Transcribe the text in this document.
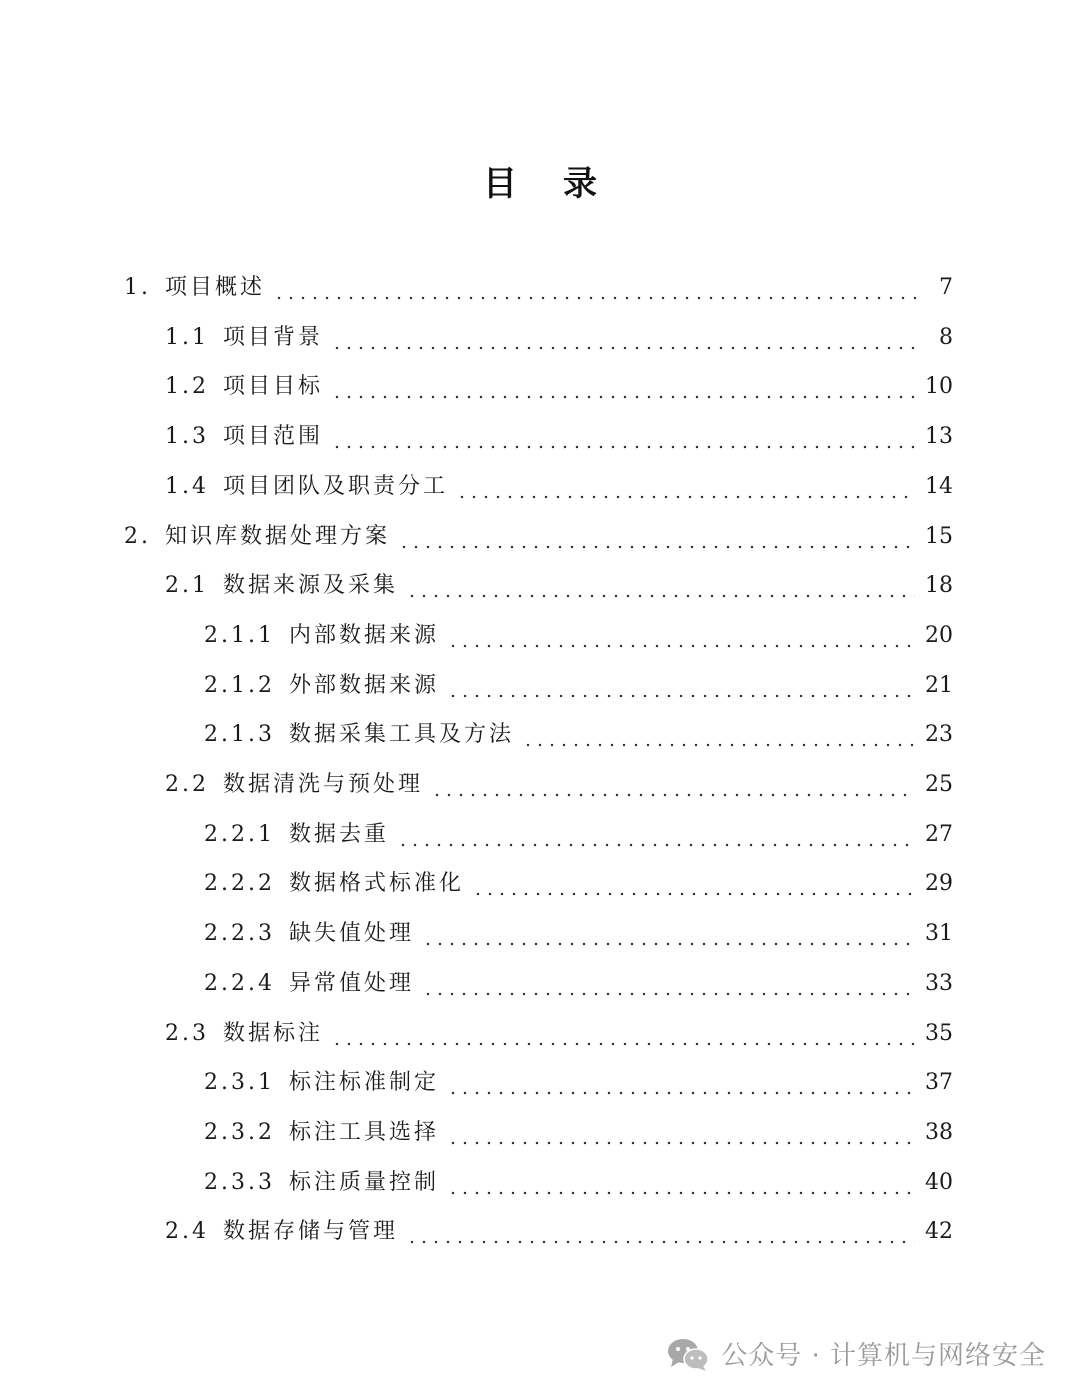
目录
1. 项目概述	7
1.1 项目背景	8
1.2 项目目标	10
1.3 项目范围	13
1.4 项目团队及职责分工	14
2. 知识库数据处理方案	15
2.1 数据来源及采集	18
2.1.1 内部数据来源	20
2.1.2 外部数据来源	21
2.1.3 数据采集工具及方法	23
2.2 数据清洗与预处理	25
2.2.1 数据去重	27
2.2.2 数据格式标准化	29
2.2.3 缺失值处理	31
2.2.4 异常值处理	33
2.3 数据标注	35
2.3.1 标注标准制定	37
2.3.2 标注工具选择	38
2.3.3 标注质量控制	40
2.4 数据存储与管理	42
公众号 · 计算机与网络安全
